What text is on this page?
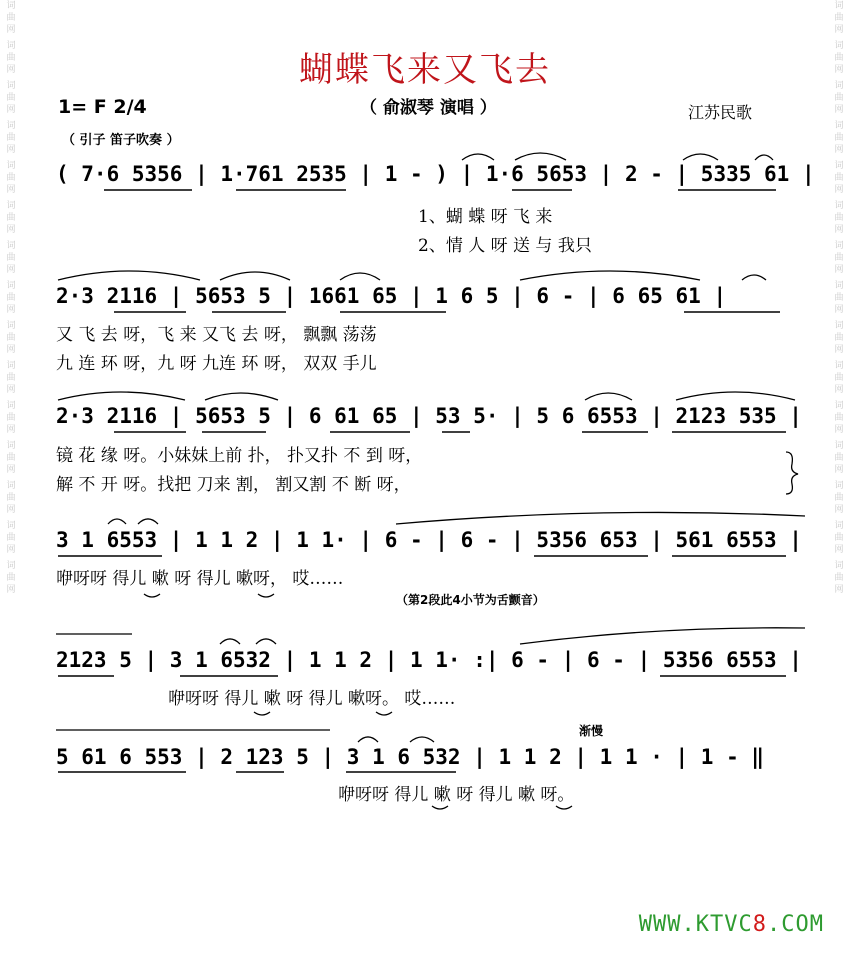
词
曲
网
词
曲
网
词
曲
网
词
曲
网
词
曲
网
词
曲
网
词
曲
网
词
曲
网
词
曲
网
词
曲
网
词
曲
网
词
曲
网
词
曲
网
词
曲
网
词
曲
网
词
曲
网
词
曲
网
词
曲
网
词
曲
网
词
曲
网
词
曲
网
词
曲
网
词
曲
网
词
曲
网
词
曲
网
词
曲
网
词
曲
网
词
曲
网
词
曲
网
词
曲
网
蝴蝶飞来又飞去
（ 俞淑琴 演唱 ）	江苏民歌
1= F 2/4
（ 引子 笛子吹奏 ）
( 7·6 5356 | 1·761 2535 | 1 - ) | 1·6 5653 | 2 - | 5335 61 |
1、蝴 蝶 呀 飞 来
2、情 人 呀 送 与 我只
2·3 2116 | 5653 5 | 1661 65 | 1 6 5 | 6 - | 6 65 61 |
又 飞 去 呀，飞 来 又飞 去 呀， 飘飘 荡荡
九 连 环 呀，九 呀 九连 环 呀， 双双 手儿
2·3 2116 | 5653 5 | 6 61 65 | 53 5· | 5 6 6553 | 2123 535 |
镜 花 缘 呀。小妹妹上前 扑， 扑又扑 不 到 呀，
解 不 开 呀。找把 刀来 割， 割又割 不 断 呀，
3 1 6553 | 1 1 2 | 1 1· | 6 - | 6 - | 5356 653 | 561 6553 |
咿呀呀 得儿 嗽 呀 得儿 嗽呀， 哎……
（第2段此4小节为舌颤音）
2123 5 | 3 1 6532 | 1 1 2 | 1 1· :| 6 - | 6 - | 5356 6553 |
咿呀呀 得儿 嗽 呀 得儿 嗽呀。 哎……
渐慢
5 61 6 553 | 2 123 5 | 3 1 6 532 | 1 1 2 | 1 1 · | 1 - ‖
咿呀呀 得儿 嗽 呀 得儿 嗽 呀。
WWW.KTVC8.COM
